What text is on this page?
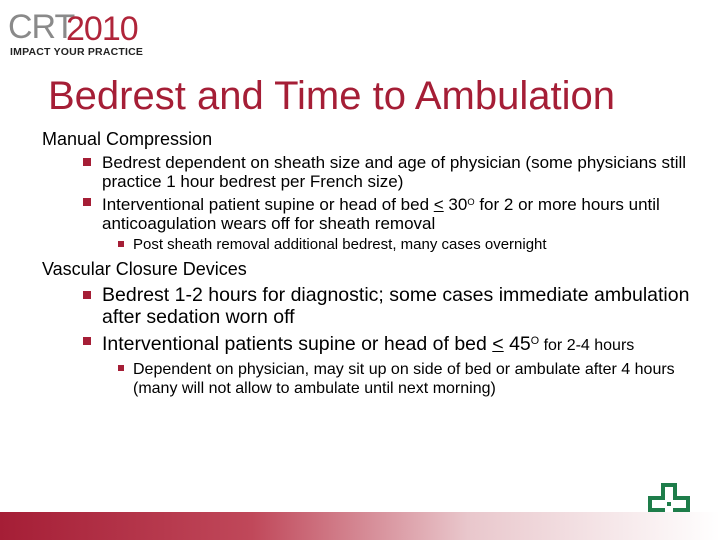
CRT
2010
IMPACT YOUR PRACTICE
Bedrest and Time to Ambulation

Manual Compression

Bedrest dependent on sheath size and age of physician (some physicians still practice 1 hour bedrest per French size)

Interventional patient supine or head of bed ≤ $30^O$ for 2 or more hours until anticoagulation wears off for sheath removal

Post sheath removal additional bedrest, many cases overnight

Vascular Closure Devices

Bedrest 1-2 hours for diagnostic; some cases immediate ambulation after sedation worn off

Interventional patients supine or head of bed ≤ $45^O$ for 2-4 hours

Dependent on physician, may sit up on side of bed or ambulate after 4 hours (many will not allow to ambulate until next morning)
